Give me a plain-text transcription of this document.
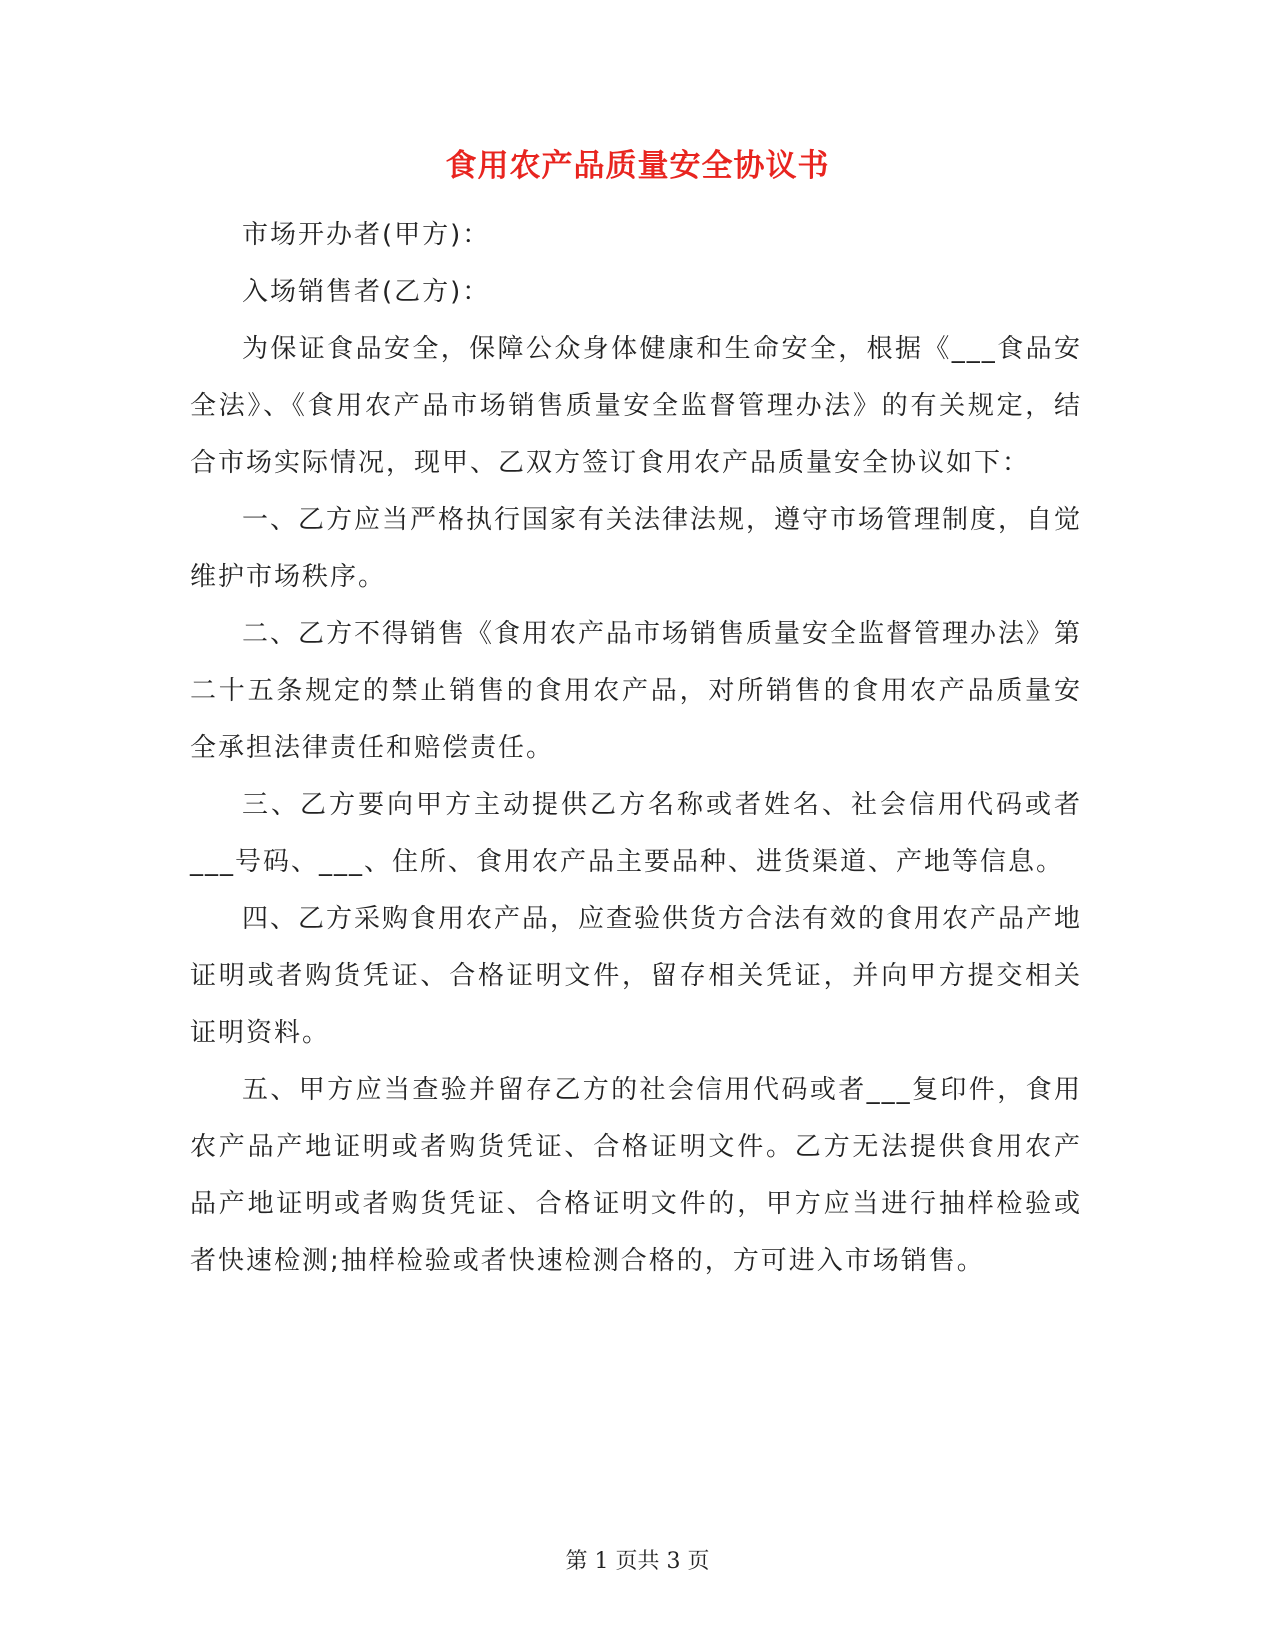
食用农产品质量安全协议书

市场开办者(甲方)：

入场销售者(乙方)：

为保证食品安全，保障公众身体健康和生命安全，根据《___食品安全法》、《食用农产品市场销售质量安全监督管理办法》的有关规定，结合市场实际情况，现甲、乙双方签订食用农产品质量安全协议如下：

一、乙方应当严格执行国家有关法律法规，遵守市场管理制度，自觉维护市场秩序。

二、乙方不得销售《食用农产品市场销售质量安全监督管理办法》第二十五条规定的禁止销售的食用农产品，对所销售的食用农产品质量安全承担法律责任和赔偿责任。

三、乙方要向甲方主动提供乙方名称或者姓名、社会信用代码或者___号码、___、住所、食用农产品主要品种、进货渠道、产地等信息。

四、乙方采购食用农产品，应查验供货方合法有效的食用农产品产地证明或者购货凭证、合格证明文件，留存相关凭证，并向甲方提交相关证明资料。

五、甲方应当查验并留存乙方的社会信用代码或者___复印件，食用农产品产地证明或者购货凭证、合格证明文件。乙方无法提供食用农产品产地证明或者购货凭证、合格证明文件的，甲方应当进行抽样检验或者快速检测;抽样检验或者快速检测合格的，方可进入市场销售。

第 1 页共 3 页
